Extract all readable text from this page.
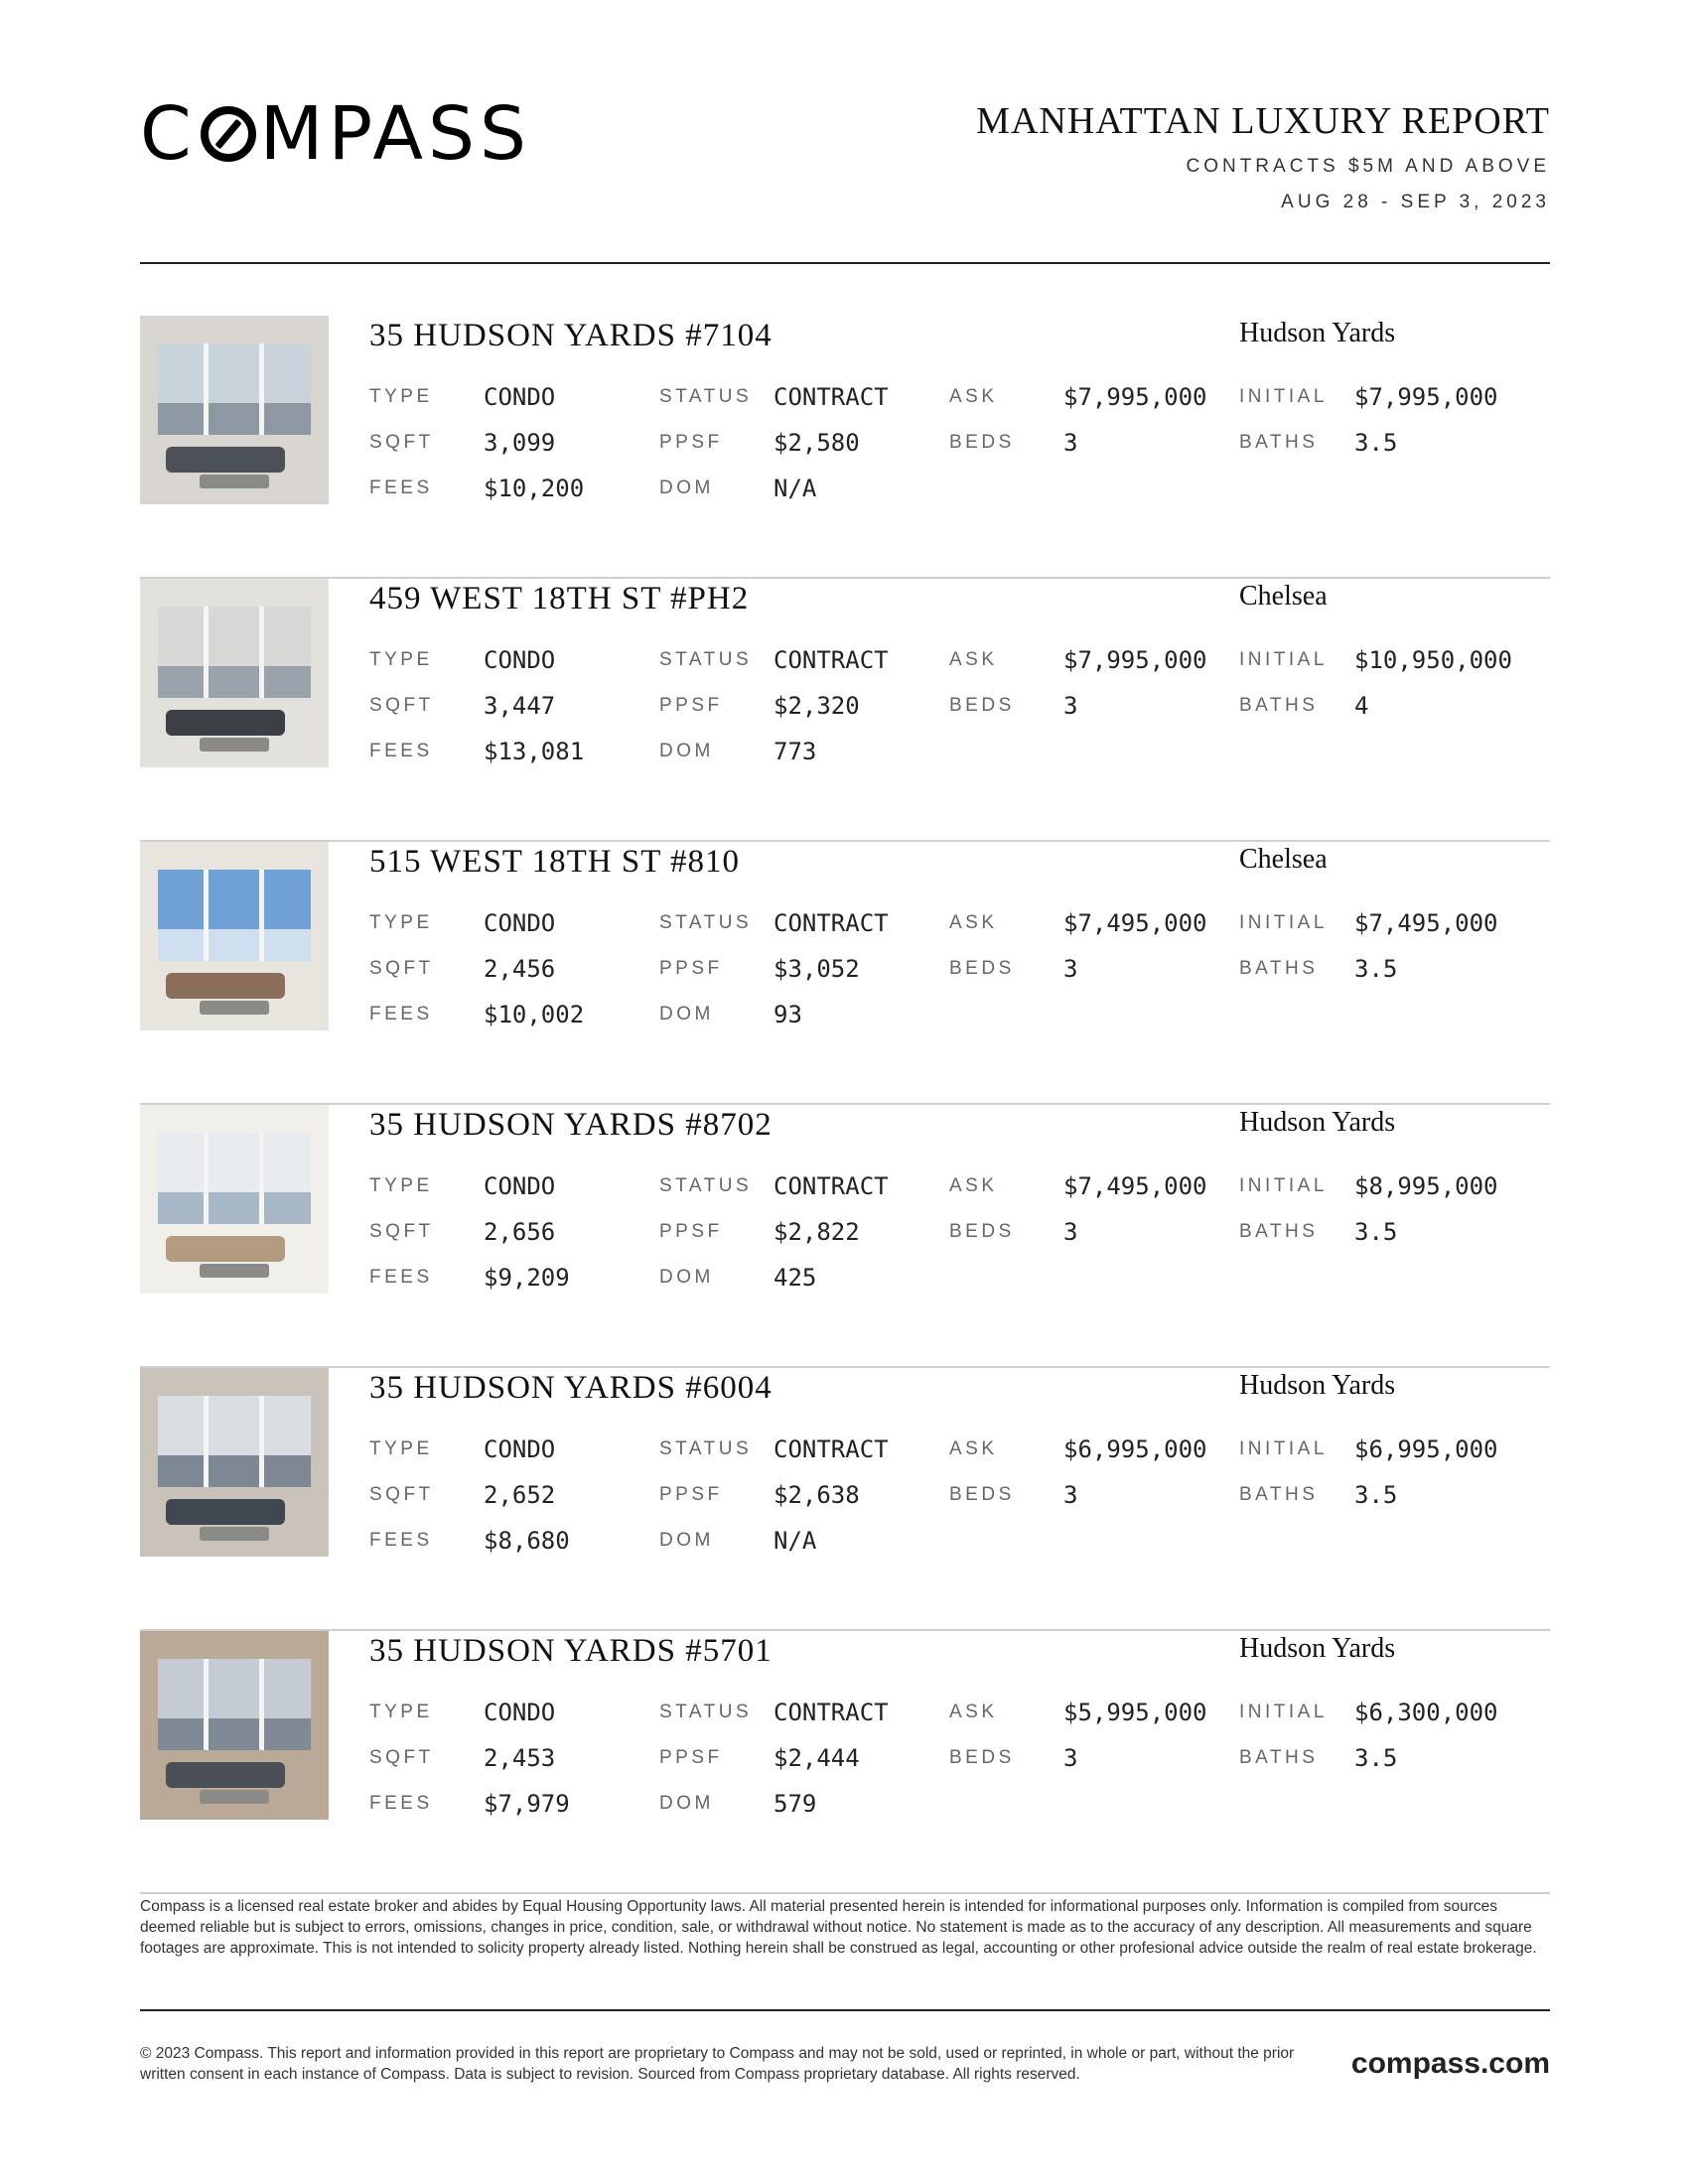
C MPASS	MANHATTAN LUXURY REPORT
CONTRACTS $5M AND ABOVE
AUG 28 - SEP 3, 2023
35 HUDSON YARDS #7104	Hudson Yards
TYPE CONDO	STATUS CONTRACT	ASK	$7,995,000 INITIAL $7,995,000
SQFT 3,099	PPSF $2,580	BEDS 3	BATHS 3.5
FEES $10,200	DOM	N/A
459 WEST 18TH ST #PH2	Chelsea
TYPE CONDO	STATUS CONTRACT	ASK	$7,995,000 INITIAL $10,950,000
SQFT 3,447	PPSF $2,320	BEDS 3	BATHS 4
FEES $13,081	DOM	773
515 WEST 18TH ST #810	Chelsea
TYPE CONDO	STATUS CONTRACT	ASK	$7,495,000 INITIAL $7,495,000
SQFT 2,456	PPSF $3,052	BEDS 3	BATHS 3.5
FEES $10,002	DOM	93
35 HUDSON YARDS #8702	Hudson Yards
TYPE CONDO	STATUS CONTRACT	ASK	$7,495,000 INITIAL $8,995,000
SQFT 2,656	PPSF $2,822	BEDS 3	BATHS 3.5
FEES $9,209	DOM	425
35 HUDSON YARDS #6004	Hudson Yards
TYPE CONDO	STATUS CONTRACT	ASK	$6,995,000 INITIAL $6,995,000
SQFT 2,652	PPSF $2,638	BEDS 3	BATHS 3.5
FEES $8,680	DOM	N/A
35 HUDSON YARDS #5701	Hudson Yards
TYPE CONDO	STATUS CONTRACT	ASK	$5,995,000 INITIAL $6,300,000
SQFT 2,453	PPSF $2,444	BEDS 3	BATHS 3.5
FEES $7,979	DOM	579
Compass is a licensed real estate broker and abides by Equal Housing Opportunity laws. All material presented herein is intended for informational purposes only. Information is compiled from sources deemed reliable but is subject to errors, omissions, changes in price, condition, sale, or withdrawal without notice. No statement is made as to the accuracy of any description. All measurements and square footages are approximate. This is not intended to solicity property already listed. Nothing herein shall be construed as legal, accounting or other profesional advice outside the realm of real estate brokerage.
© 2023 Compass. This report and information provided in this report are proprietary to Compass and may not be sold, used or reprinted, in whole or part, without the prior written consent in each instance of Compass. Data is subject to revision. Sourced from Compass proprietary database. All rights reserved.	compass.com
